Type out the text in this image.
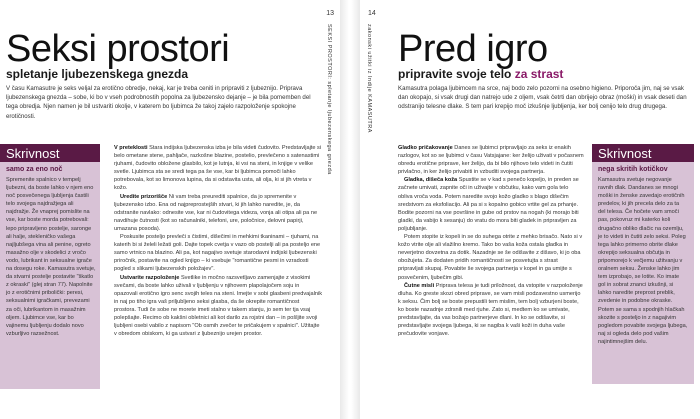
13
SEKSI PROSTORI: spletanje ljubezenskega gnezda
Seksi prostori
spletanje ljubezenskega gnezda
V času Kamasutre je seks veljal za erotično obredje, nekaj, kar je treba ceniti in pripraviti z ljubeznijo. Priprava ljubezenskega gnezda – sobe, ki bo v vseh podrobnostih popolna za ljubezensko dejanje – je bila pomemben del tega obredja. Njen namen je bil ustvariti okolje, v katerem bo ljubimca že takoj zajelo razpoloženje spokojne erotičnosti.
Skrivnost
samo za eno noč
Spremenite spalnico v tempelj ljubezni, da boste lahko v njem eno noč posvečenega ljubljenja častili telo svojega najdražjega ali najdražje. Že vnaprej pomislite na vse, kar boste morda potrebovali: lepo pripravljeno postelje, saronge ali halje, stekleničko vašega najljubšega vina ali penine, ogreto masažno olje v skodelici z vročo vodo, lubrikant in seksualne igrače na dosegu roke. Kamasutra svetuje, da stvarni postelje postavite "škatlo z okraski" (glej stran 77). Napolnite jo z erotičnimi pribolički: peresi, seksualnimi igračkami, prevezami za oči, lubrikantom in masažnim oljem. Ljubimce vse, kar bo vajinemu ljubljenju dodalo novo vzburljivo razsežnost.

V pretekIosti Stara indijska ljubezenska izba je bila videti čudovito. Predstavljajte si belo ometane stene, pahljače, razkošne blazine, postelio, prevlečeno s satenastimi rjuhami, čudovito obložene glasbilo, kot je lutnja, ki vsi na steni, in knjige v velike svetle. Ljubimca sta se sredi tega pa še vse, kar bi ljubimca pomoči lahko potrebovala, kot so limonova lupina, da si odstavita usta, ali olja, ki si jih vtreta v kožo.

Uredite prizorišče Ni vam treba preurediti spalnice, da jo spremenite v ljubezensko izbo. Ena od najpreprostejših stvari, ki jih lahko naredite, je, da odstranite navlako: odnesite vse, kar ni čudovitega videza, vonja ali otipa ali pa ne navdihuje čutnosti (kot so računalniki, telefoni, ure, poločnice, delovni papirji, umazana posoda).

Poskusite posteljo prevleči s čistimi, dišečimi in mehkimi tkaninami – rjuhami, na katerih bi si želeli ležati goli. Dajte topek cvetja v vazo ob postelji ali pa posteljo ene samo vrtnico na blazino. Ali pa, kot nagajivo svetuje starodavni indijski ljubezenski priročnik, postavite na ogled knjigo – ki vsebuje "romantične pesmi in vzradosti pogled s slikami ljubezenskih položajev".

Ustvarite razpoloženje Svetlike in močno razsvetljavo zamenjajte z visokimi svečami, da boste lahko uživali v ljubljenju v njihovem plapolajočem soju in opazovali erotično igro senc svojih teles na steni. Imejte v sobi glasbeni predvajalnik in naj po tiho igra vaš priljubljeno seksi glasba, da še okrepite romantičnost prostora. Tudi če sobe ne morete imeti stalno v takem stanju, jo sem ter tja vsaj polepšajte. Recimo ob kakšni obletnici ali kot darilo za rojstni dan – in pošljite svoji ljubljeni osebi vabilo z napisom "Ob osmih zvečer te pričakujem v spalnici". Užitajte v obredom obiskom, ki ga ustvari z ljubeznijo urejen prostor.

14
zakonski užitki iz Indije KAMASUTRA Pred igro
pripravite svoje telo za strast
Kamasutra polaga ljubimcem na srce, naj bodo zelo pozorni na osebno higieno. Priporoča jim, naj se vsak dan okopajo, si vsak drugi dan natrejo ude z oljem, vsak četrti dan obrijejo obraz (moški) in vsak deseti dan odstranijo telesne dlake. S tem pari krepijo moč izkušnje ljubljenja, ker bolj cenijo telo drug drugega.

Gladko pričakovanje Danes se ljubimci pripravljajo za seks iz enakih razlogov, kot so se ljubimci v času Vatsjajane: ker želijo uživati v počasnem obredu erotične priprave, ker želijo, da bi bilo njihovo telo videti in čutiti privlačno, in ker želijo privabiti in vzbuditi svojega partnerja.

Gladka, dišeča koža Spustite se v kad s penečo kopeljo, in preden se začnete umivati, zapnite oči in uživajte v občutku, kako vam gola telo obliva vroča voda. Potem naredite svojo kožo gladko s blago dišečim sredstvom za eksfoliacijo. Ali pa si s kopalno gobico vrtite gel za prhanje. Bodite pozorni na vse površine in gube od prstov na nogah (ki morajo biti gladki, da vabijo k sesanju) do vratu do mora biti gladek in pripravljen za poljubljanje.

Potem stopite iz kopeli in se do suhega otrite z mehko brisačo. Nato si v kožo vtrite olje ali vlažilno kremo. Tako bo vaša koža ostala gladka in neverjetno dovzetna za dotik. Nazadnje se še odišavite z dišavo, ki jo oba obožujeta. Za dodaten pridih romantičnosti se posvetujta s strast pripravljati skupaj. Povabite še svojega partnerja v kopel in ga umijte s posvečenim, ljubečim gibi.

Čutne misli Priprava telesa je tudi priložnost, da vstopite v razpoloženje dluha. Ko greste skozi obred priprave, se vam misli podzavestno usmerijo k seksu. Čim bolj se boste prepustili tem mislim, tem bolj vzburjeni boste, ko boste nazadnje zdrsnili med rjuhe. Zato si, medtem ko se umivate, predstavljajte, da vas božajo partnerjeve dlani. In ko se odišavite, si predstavljajte svojega ljubega, ki se nagiba k vaši koži in duha vaše prečudovite vonjave.

Skrivnost
nega skritih kotičkov
Kamasutra svetuje negovanje ravnih dlak. Dandanes se mnogi moški in ženske zavedajo erotičnih predelov, ki jih precela delo za ta del telesa. Če hočete vam smoči pas, pokovruz mi katerko koli drugačno obliko dlačic na ozemlju, je to videti in čutiti zelo seksi. Poleg tega lahko primerno obrite dlake okrepijo seksualna občutja in pripomorejo k večjemu užitvanju v oralnem seksu. Ženske lahko jim tem izprobajo, se lotite. Ko imate gol in sobrat znanci izkušnji, si lahko naredite preprost preblik, zvedenie in podobne okraske. Potem se sama s spodnjih hlačkah skozite s posteljo in z nagajivim pogledom povabite svojega ljubega, naj si ogleda delo pod vašim najintimnejšim delu.
